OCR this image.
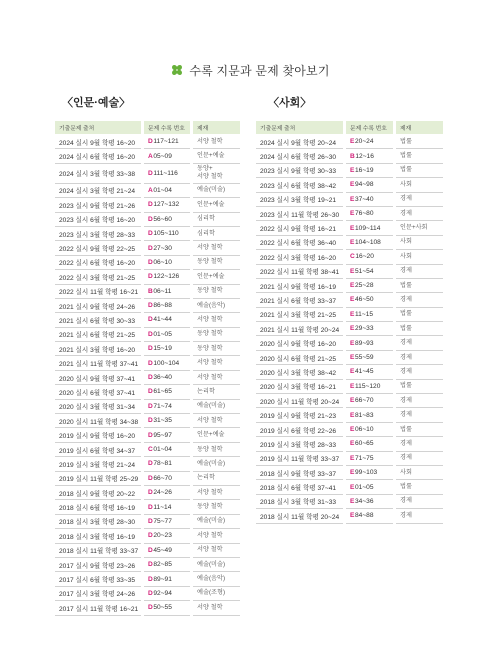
수록 지문과 문제 찾아보기
〈인문·예술〉
기출문제 출처	문제 수록 번호	제재
2024 실시 9월 학평 16~20	D 117~121	서양 철학
2024 실시 6월 학평 16~20	A 05~09	인문+예술
2024 실시 3월 학평 33~38	D 111~116
동양+
서양 철학
2024 실시 3월 학평 21~24	A 01~04	예술(미술)
2023 실시 9월 학평 21~26	D 127~132	인문+예술
2023 실시 6월 학평 16~20	D 56~60	심리학
2023 실시 3월 학평 28~33	D 105~110	심리학
2022 실시 9월 학평 22~25	D 27~30	서양 철학
2022 실시 6월 학평 16~20	D 06~10	동양 철학
2022 실시 3월 학평 21~25	D 122~126	인문+예술
2022 실시 11월 학평 16~21	B 06~11	동양 철학
2021 실시 9월 학평 24~26	D 86~88	예술(음악)
2021 실시 6월 학평 30~33	D 41~44	서양 철학
2021 실시 6월 학평 21~25	D 01~05	동양 철학
2021 실시 3월 학평 16~20	D 15~19	동양 철학
2021 실시 11월 학평 37~41	D 100~104	서양 철학
2020 실시 9월 학평 37~41	D 36~40	서양 철학
2020 실시 6월 학평 37~41	D 61~65	논리학
2020 실시 3월 학평 31~34	D 71~74	예술(미술)
2020 실시 11월 학평 34~38	D 31~35	서양 철학
2019 실시 9월 학평 16~20	D 95~97	인문+예술
2019 실시 6월 학평 34~37	C 01~04	동양 철학
2019 실시 3월 학평 21~24	D 78~81	예술(미술)
2019 실시 11월 학평 25~29	D 66~70	논리학
2018 실시 9월 학평 20~22	D 24~26	서양 철학
2018 실시 6월 학평 16~19	D 11~14	동양 철학
2018 실시 3월 학평 28~30	D 75~77	예술(미술)
2018 실시 3월 학평 16~19	D 20~23	서양 철학
2018 실시 11월 학평 33~37	D 45~49	서양 철학
2017 실시 9월 학평 23~26	D 82~85	예술(미술)
2017 실시 6월 학평 33~35	D 89~91	예술(음악)
2017 실시 3월 학평 24~26	D 92~94	예술(조형)
2017 실시 11월 학평 16~21	D 50~55	서양 철학
〈사회〉
기출문제 출처	문제 수록 번호	제재
2024 실시 9월 학평 20~24	E 20~24	법률
2024 실시 6월 학평 26~30	B 12~16	법률
2023 실시 9월 학평 30~33	E 16~19	법률
2023 실시 6월 학평 38~42	E 94~98	사회
2023 실시 3월 학평 19~21	E 37~40	경제
2023 실시 11월 학평 26~30	E 76~80	경제
2022 실시 9월 학평 16~21	E 109~114	인문+사회
2022 실시 6월 학평 36~40	E 104~108	사회
2022 실시 3월 학평 16~20	C 16~20	사회
2022 실시 11월 학평 38~41	E 51~54	경제
2021 실시 9월 학평 16~19	E 25~28	법률
2021 실시 6월 학평 33~37	E 46~50	경제
2021 실시 3월 학평 21~25	E 11~15	법률
2021 실시 11월 학평 20~24	E 29~33	법률
2020 실시 9월 학평 16~20	E 89~93	경제
2020 실시 6월 학평 21~25	E 55~59	경제
2020 실시 3월 학평 38~42	E 41~45	경제
2020 실시 3월 학평 16~21	E 115~120	법률
2020 실시 11월 학평 20~24	E 66~70	경제
2019 실시 9월 학평 21~23	E 81~83	경제
2019 실시 6월 학평 22~26	E 06~10	법률
2019 실시 3월 학평 28~33	E 60~65	경제
2019 실시 11월 학평 33~37	E 71~75	경제
2018 실시 9월 학평 33~37	E 99~103	사회
2018 실시 6월 학평 37~41	E 01~05	법률
2018 실시 3월 학평 31~33	E 34~36	경제
2018 실시 11월 학평 20~24	E 84~88	경제
